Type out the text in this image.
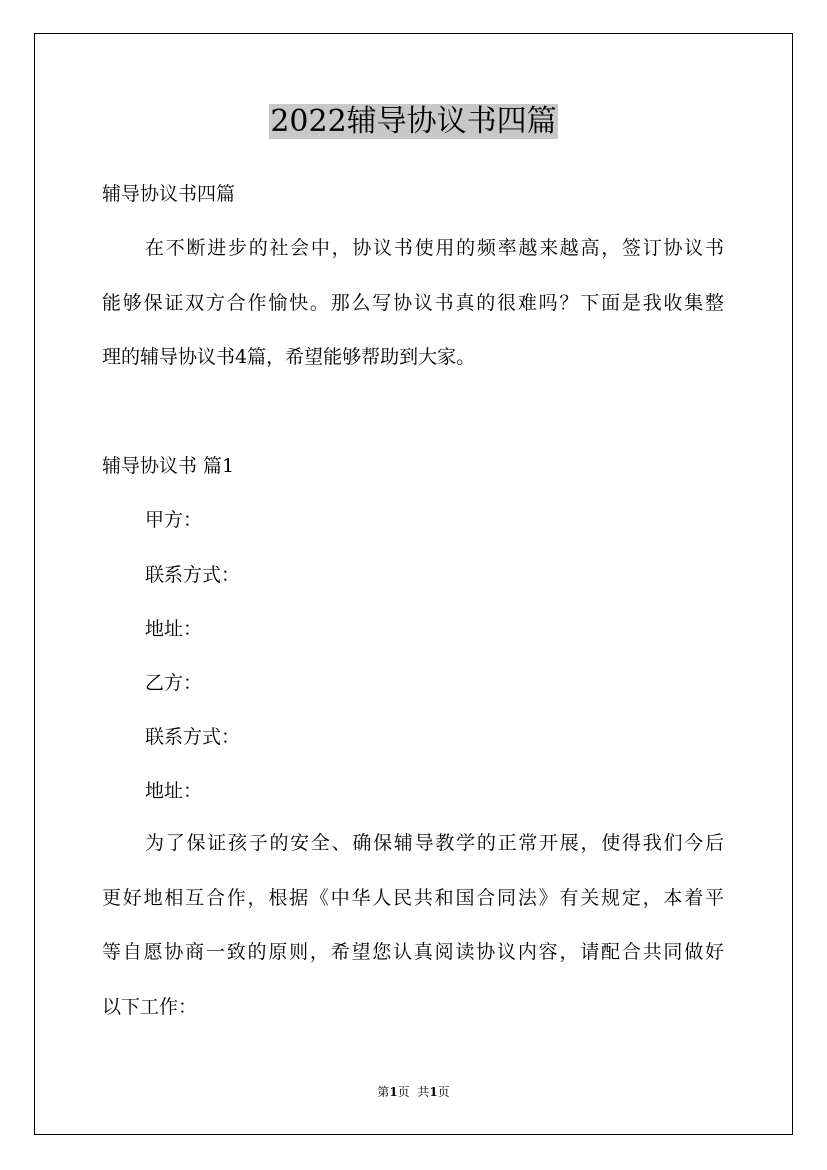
2022辅导协议书四篇
辅导协议书四篇
在不断进步的社会中，协议书使用的频率越来越高，签订协议书
能够保证双方合作愉快。那么写协议书真的很难吗？下面是我收集整
理的辅导协议书4篇，希望能够帮助到大家。
辅导协议书 篇1
甲方：
联系方式：
地址：
乙方：
联系方式：
地址：
为了保证孩子的安全、确保辅导教学的正常开展，使得我们今后
更好地相互合作，根据《中华人民共和国合同法》有关规定，本着平
等自愿协商一致的原则，希望您认真阅读协议内容，请配合共同做好
以下工作：
第1页  共1页
